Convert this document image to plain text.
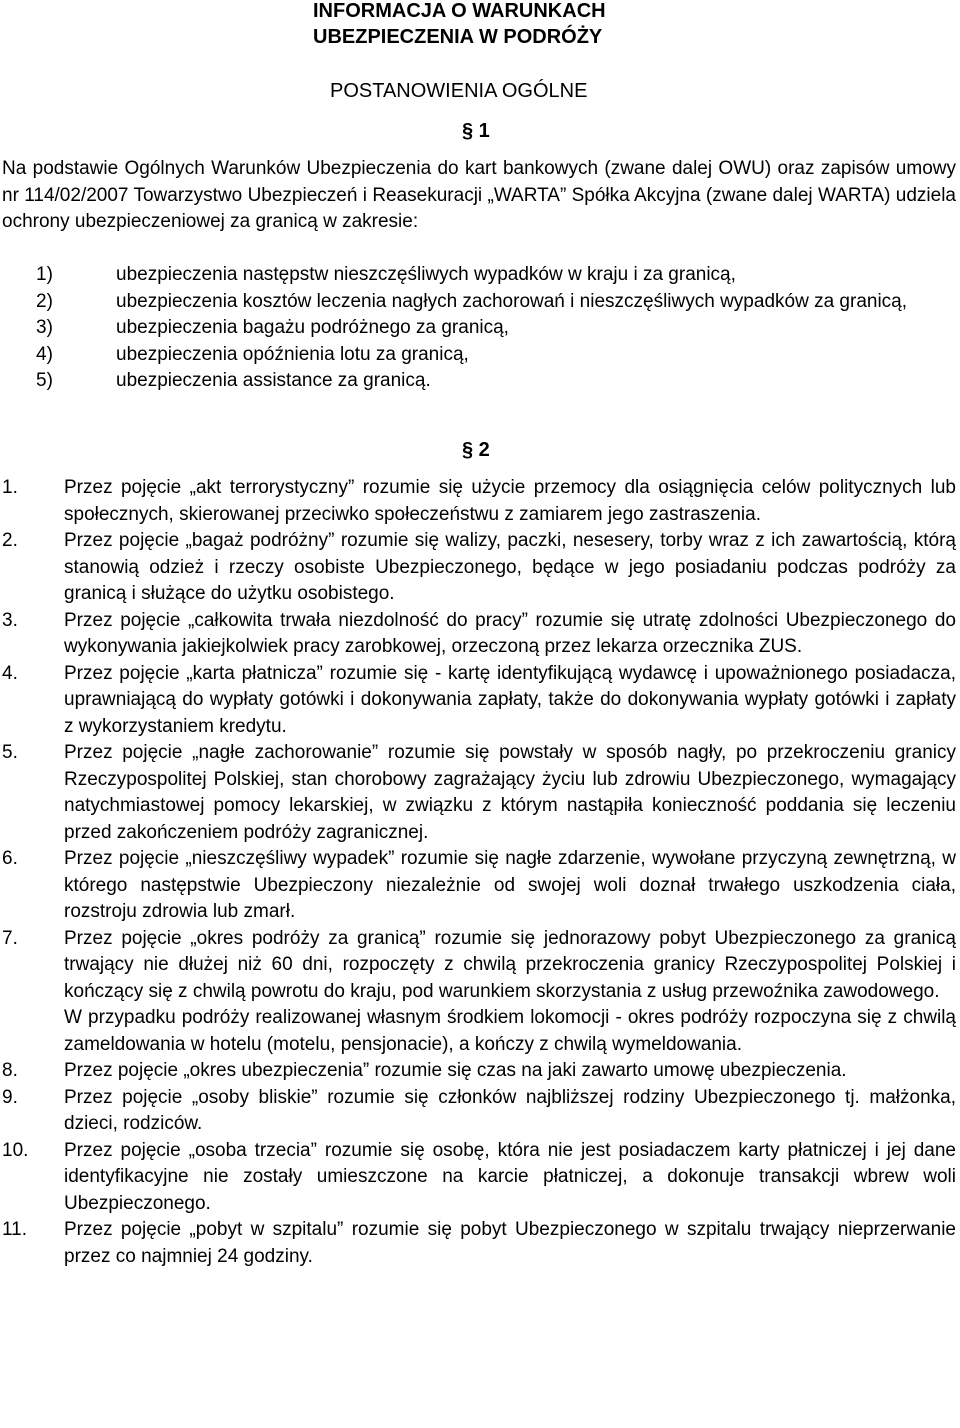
INFORMACJA O WARUNKACH
UBEZPIECZENIA W PODRÓŻY
POSTANOWIENIA OGÓLNE
§ 1
Na podstawie Ogólnych Warunków Ubezpieczenia do kart bankowych (zwane dalej OWU) oraz zapisów umowy nr 114/02/2007 Towarzystwo Ubezpieczeń i Reasekuracji „WARTA” Spółka Akcyjna (zwane dalej WARTA) udziela ochrony ubezpieczeniowej za granicą w zakresie:
1)	ubezpieczenia następstw nieszczęśliwych wypadków w kraju i za granicą,
2)	ubezpieczenia kosztów leczenia nagłych zachorowań i nieszczęśliwych wypadków za granicą,
3)	ubezpieczenia bagażu podróżnego za granicą,
4)	ubezpieczenia opóźnienia lotu za granicą,
5)	ubezpieczenia assistance za granicą.
§ 2
1.	Przez pojęcie „akt terrorystyczny” rozumie się użycie przemocy dla osiągnięcia celów politycznych lub społecznych, skierowanej przeciwko społeczeństwu z zamiarem jego zastraszenia.
2.	Przez pojęcie „bagaż podróżny” rozumie się walizy, paczki, nesesery, torby wraz z ich zawartością, którą stanowią odzież i rzeczy osobiste Ubezpieczonego, będące w jego posiadaniu podczas podróży za granicą i służące do użytku osobistego.
3.	Przez pojęcie „całkowita trwała niezdolność do pracy” rozumie się utratę zdolności Ubezpieczonego do wykonywania jakiejkolwiek pracy zarobkowej, orzeczoną przez lekarza orzecznika ZUS.
4.	Przez pojęcie „karta płatnicza” rozumie się - kartę identyfikującą wydawcę i upoważnionego posiadacza, uprawniającą do wypłaty gotówki i dokonywania zapłaty, także do dokonywania wypłaty gotówki i zapłaty z wykorzystaniem kredytu.
5.	Przez pojęcie „nagłe zachorowanie” rozumie się powstały w sposób nagły, po przekroczeniu granicy Rzeczypospolitej Polskiej, stan chorobowy zagrażający życiu lub zdrowiu Ubezpieczonego, wymagający natychmiastowej pomocy lekarskiej, w związku z którym nastąpiła konieczność poddania się leczeniu przed zakończeniem podróży zagranicznej.
6.	Przez pojęcie „nieszczęśliwy wypadek” rozumie się nagłe zdarzenie, wywołane przyczyną zewnętrzną, w którego następstwie Ubezpieczony niezależnie od swojej woli doznał trwałego uszkodzenia ciała, rozstroju zdrowia lub zmarł.
7.	Przez pojęcie „okres podróży za granicą” rozumie się jednorazowy pobyt Ubezpieczonego za granicą trwający nie dłużej niż 60 dni, rozpoczęty z chwilą przekroczenia granicy Rzeczypospolitej Polskiej i kończący się z chwilą powrotu do kraju, pod warunkiem skorzystania z usług przewoźnika zawodowego.
W przypadku podróży realizowanej własnym środkiem lokomocji - okres podróży rozpoczyna się z chwilą zameldowania w hotelu (motelu, pensjonacie), a kończy z chwilą wymeldowania.
8.	Przez pojęcie „okres ubezpieczenia” rozumie się czas na jaki zawarto umowę ubezpieczenia.
9.	Przez pojęcie „osoby bliskie” rozumie się członków najbliższej rodziny Ubezpieczonego tj. małżonka, dzieci, rodziców.
10.	Przez pojęcie „osoba trzecia” rozumie się osobę, która nie jest posiadaczem karty płatniczej i jej dane identyfikacyjne nie zostały umieszczone na karcie płatniczej, a dokonuje transakcji wbrew woli Ubezpieczonego.
11.	Przez pojęcie „pobyt w szpitalu” rozumie się pobyt Ubezpieczonego w szpitalu trwający nieprzerwanie przez co najmniej 24 godziny.
